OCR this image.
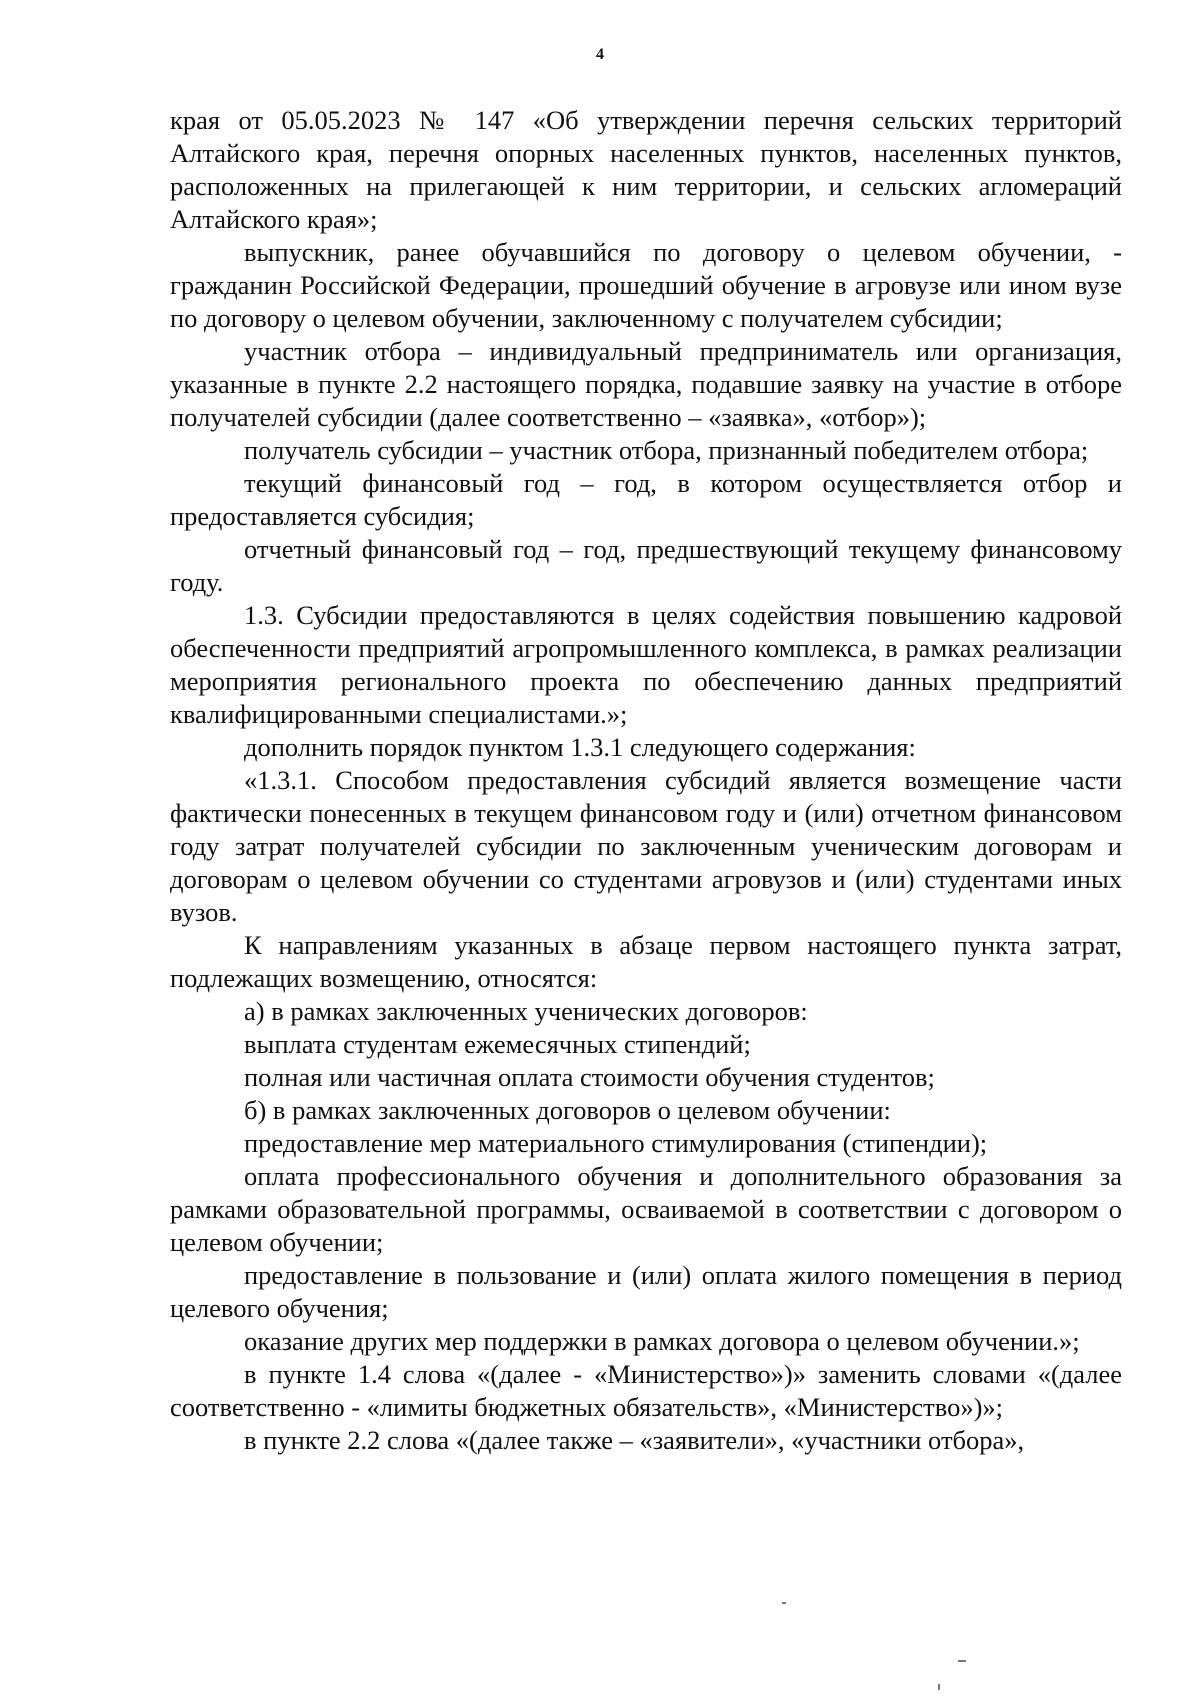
4

края от 05.05.2023 № 147 «Об утверждении перечня сельских территорий Алтайского края, перечня опорных населенных пунктов, населенных пунктов, расположенных на прилегающей к ним территории, и сельских агломераций Алтайского края»;

выпускник, ранее обучавшийся по договору о целевом обучении, - гражданин Российской Федерации, прошедший обучение в агровузе или ином вузе по договору о целевом обучении, заключенному с получателем субсидии;

участник отбора – индивидуальный предприниматель или организация, указанные в пункте 2.2 настоящего порядка, подавшие заявку на участие в отборе получателей субсидии (далее соответственно – «заявка», «отбор»);

получатель субсидии – участник отбора, признанный победителем отбора;

текущий финансовый год – год, в котором осуществляется отбор и предоставляется субсидия;

отчетный финансовый год – год, предшествующий текущему финансовому году.

1.3. Субсидии предоставляются в целях содействия повышению кадровой обеспеченности предприятий агропромышленного комплекса, в рамках реализации мероприятия регионального проекта по обеспечению данных предприятий квалифицированными специалистами.»;

дополнить порядок пунктом 1.3.1 следующего содержания:

«1.3.1. Способом предоставления субсидий является возмещение части фактически понесенных в текущем финансовом году и (или) отчетном финансовом году затрат получателей субсидии по заключенным ученическим договорам и договорам о целевом обучении со студентами агровузов и (или) студентами иных вузов.

К направлениям указанных в абзаце первом настоящего пункта затрат, подлежащих возмещению, относятся:

а) в рамках заключенных ученических договоров:

выплата студентам ежемесячных стипендий;

полная или частичная оплата стоимости обучения студентов;

б) в рамках заключенных договоров о целевом обучении:

предоставление мер материального стимулирования (стипендии);

оплата профессионального обучения и дополнительного образования за рамками образовательной программы, осваиваемой в соответствии с договором о целевом обучении;

предоставление в пользование и (или) оплата жилого помещения в период целевого обучения;

оказание других мер поддержки в рамках договора о целевом обучении.»;

в пункте 1.4 слова «(далее - «Министерство»)» заменить словами «(далее соответственно - «лимиты бюджетных обязательств», «Министерство»)»;

в пункте 2.2 слова «(далее также – «заявители», «участники отбора»,
